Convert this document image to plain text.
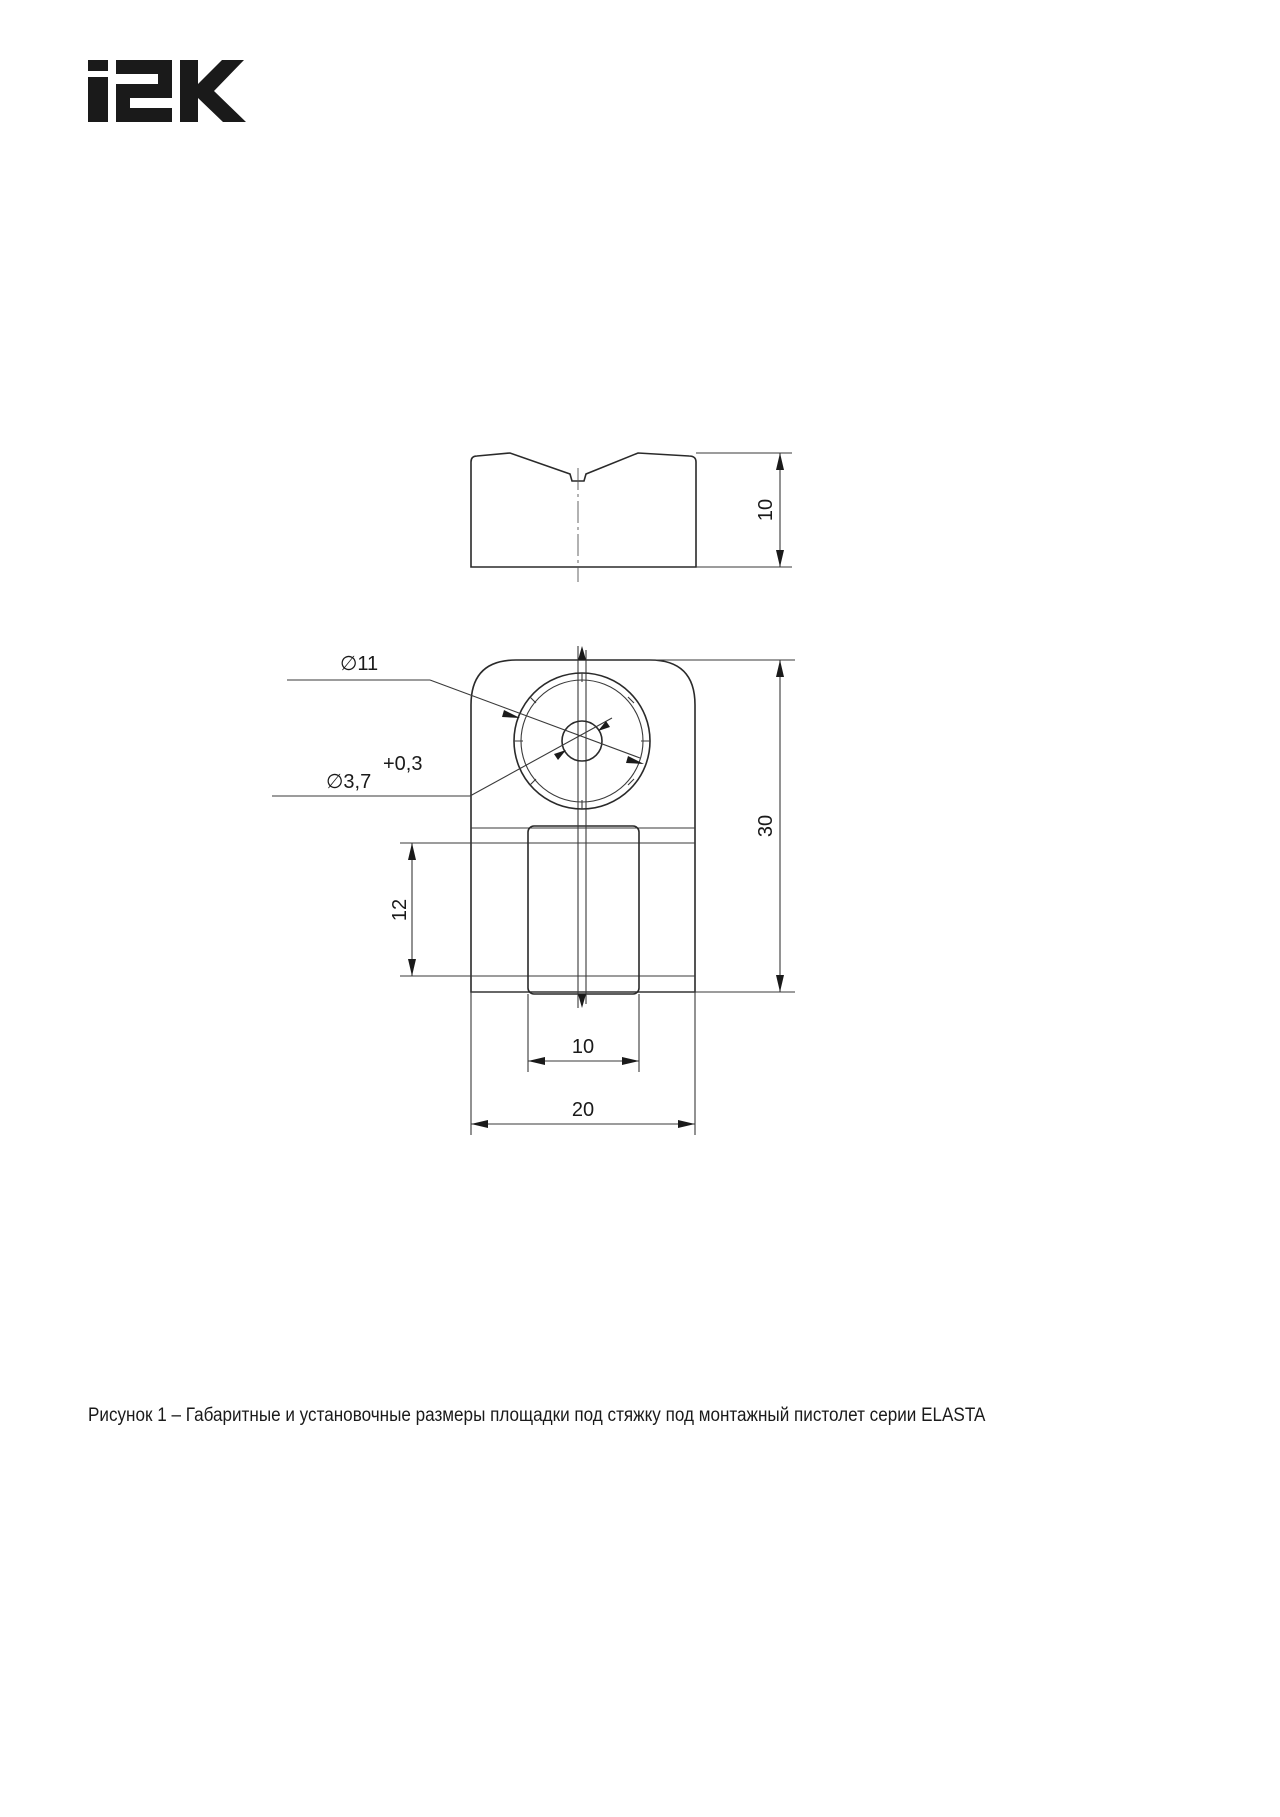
10
∅11
∅3,7
+0,3
30
12
10
20
Рисунок 1 – Габаритные и установочные размеры площадки под стяжку под монтажный пистолет серии ELASTA
